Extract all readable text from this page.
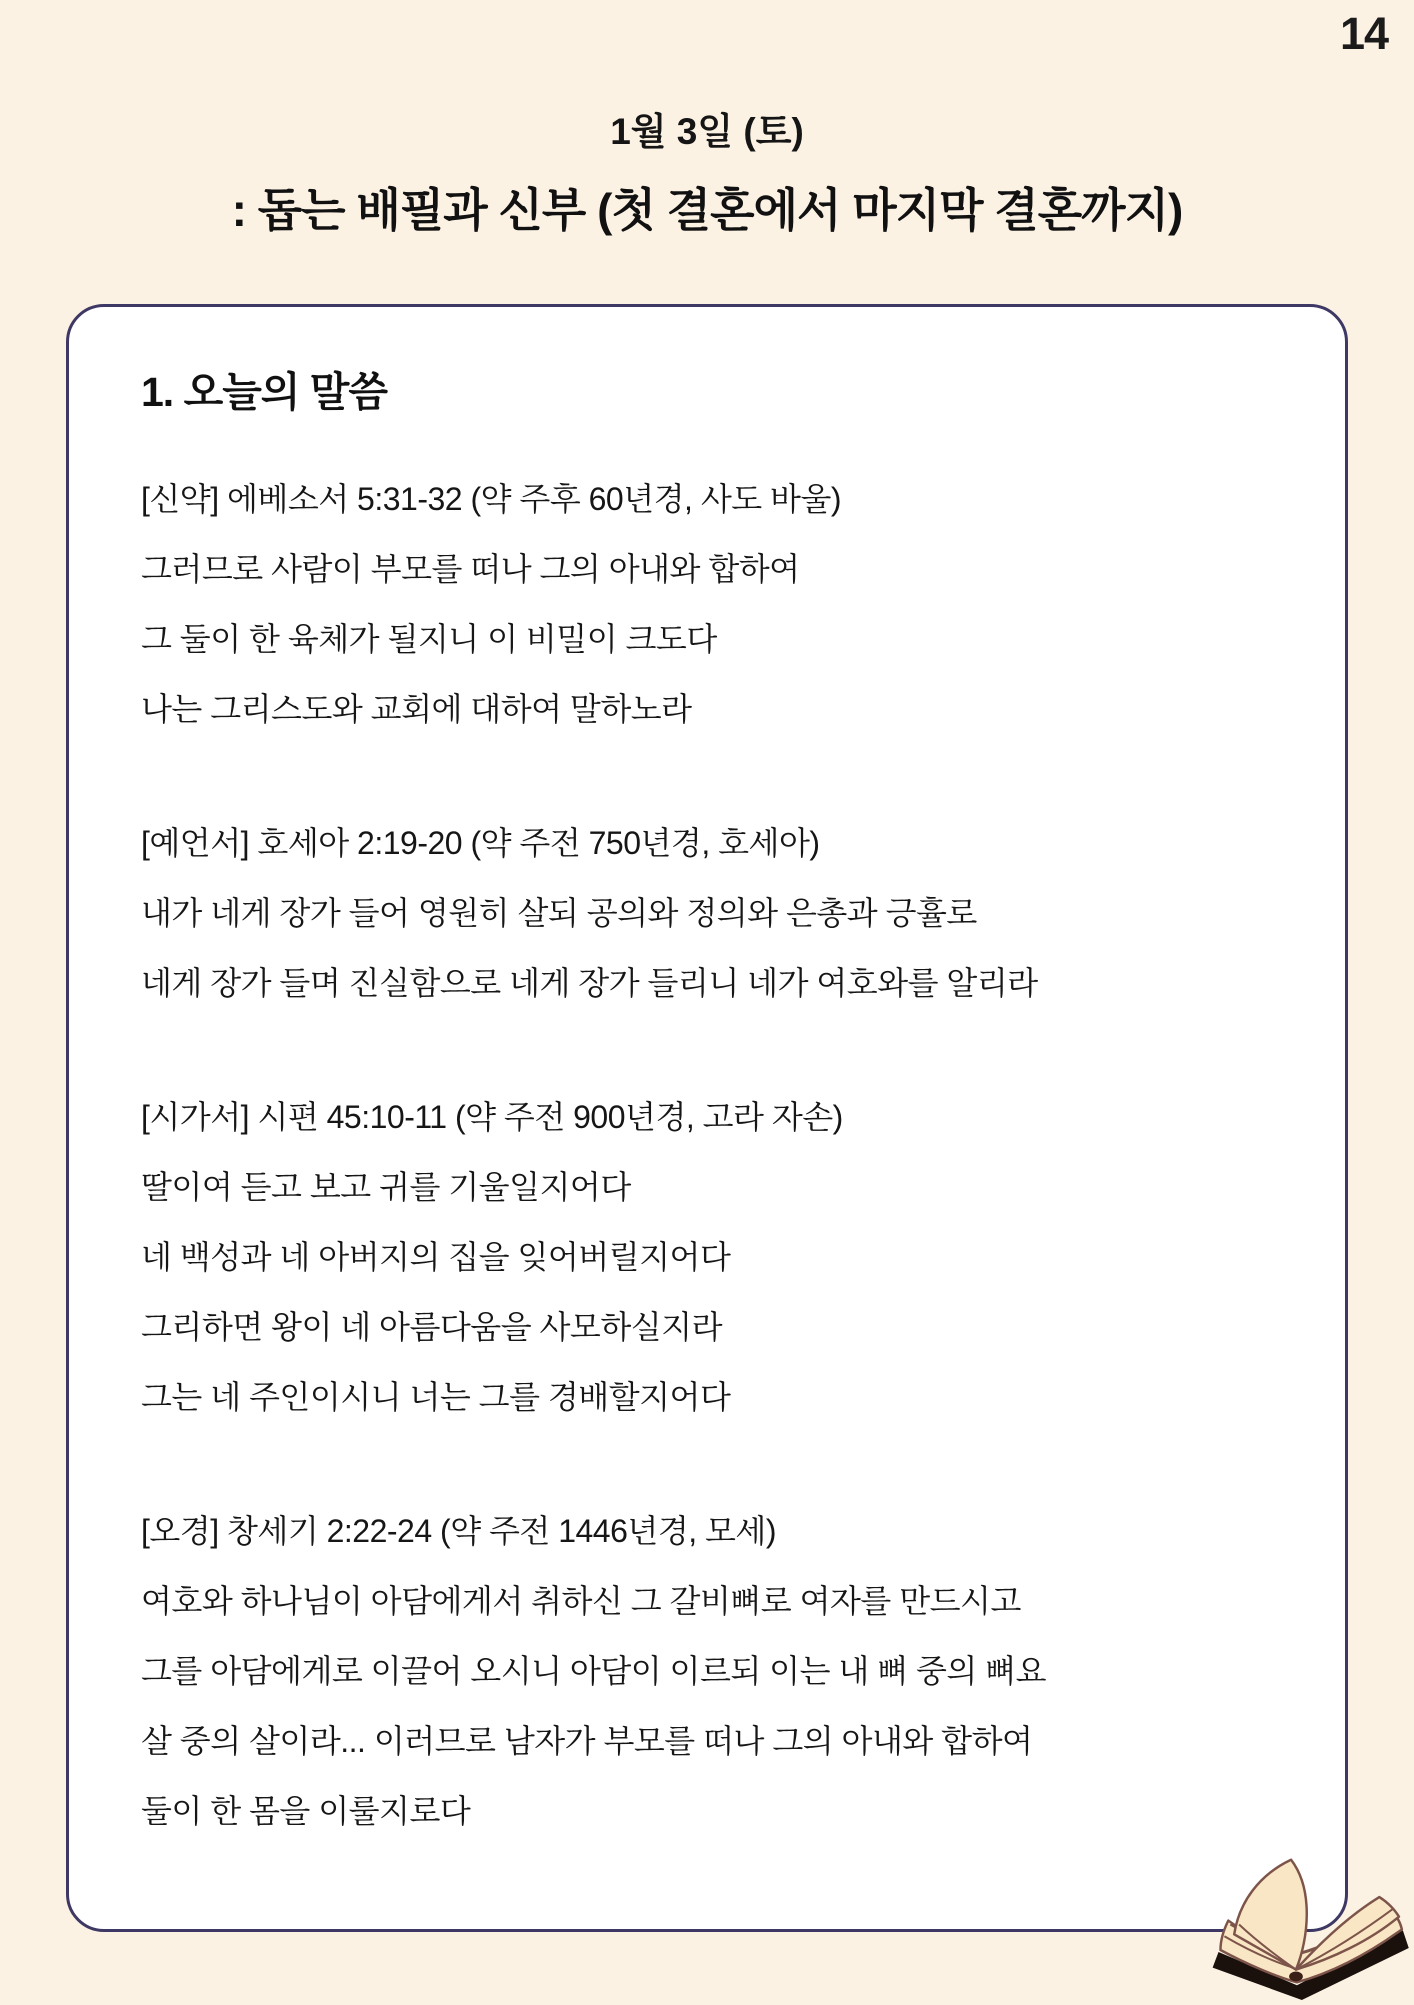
14
1월 3일 (토)
: 돕는 배필과 신부 (첫 결혼에서 마지막 결혼까지)
1. 오늘의 말씀

[신약] 에베소서 5:31-32 (약 주후 60년경, 사도 바울)

그러므로 사람이 부모를 떠나 그의 아내와 합하여

그 둘이 한 육체가 될지니 이 비밀이 크도다

나는 그리스도와 교회에 대하여 말하노라

[예언서] 호세아 2:19-20 (약 주전 750년경, 호세아)

내가 네게 장가 들어 영원히 살되 공의와 정의와 은총과 긍휼로

네게 장가 들며 진실함으로 네게 장가 들리니 네가 여호와를 알리라

[시가서] 시편 45:10-11 (약 주전 900년경, 고라 자손)

딸이여 듣고 보고 귀를 기울일지어다

네 백성과 네 아버지의 집을 잊어버릴지어다

그리하면 왕이 네 아름다움을 사모하실지라

그는 네 주인이시니 너는 그를 경배할지어다

[오경] 창세기 2:22-24 (약 주전 1446년경, 모세)

여호와 하나님이 아담에게서 취하신 그 갈비뼈로 여자를 만드시고

그를 아담에게로 이끌어 오시니 아담이 이르되 이는 내 뼈 중의 뼈요

살 중의 살이라... 이러므로 남자가 부모를 떠나 그의 아내와 합하여

둘이 한 몸을 이룰지로다
